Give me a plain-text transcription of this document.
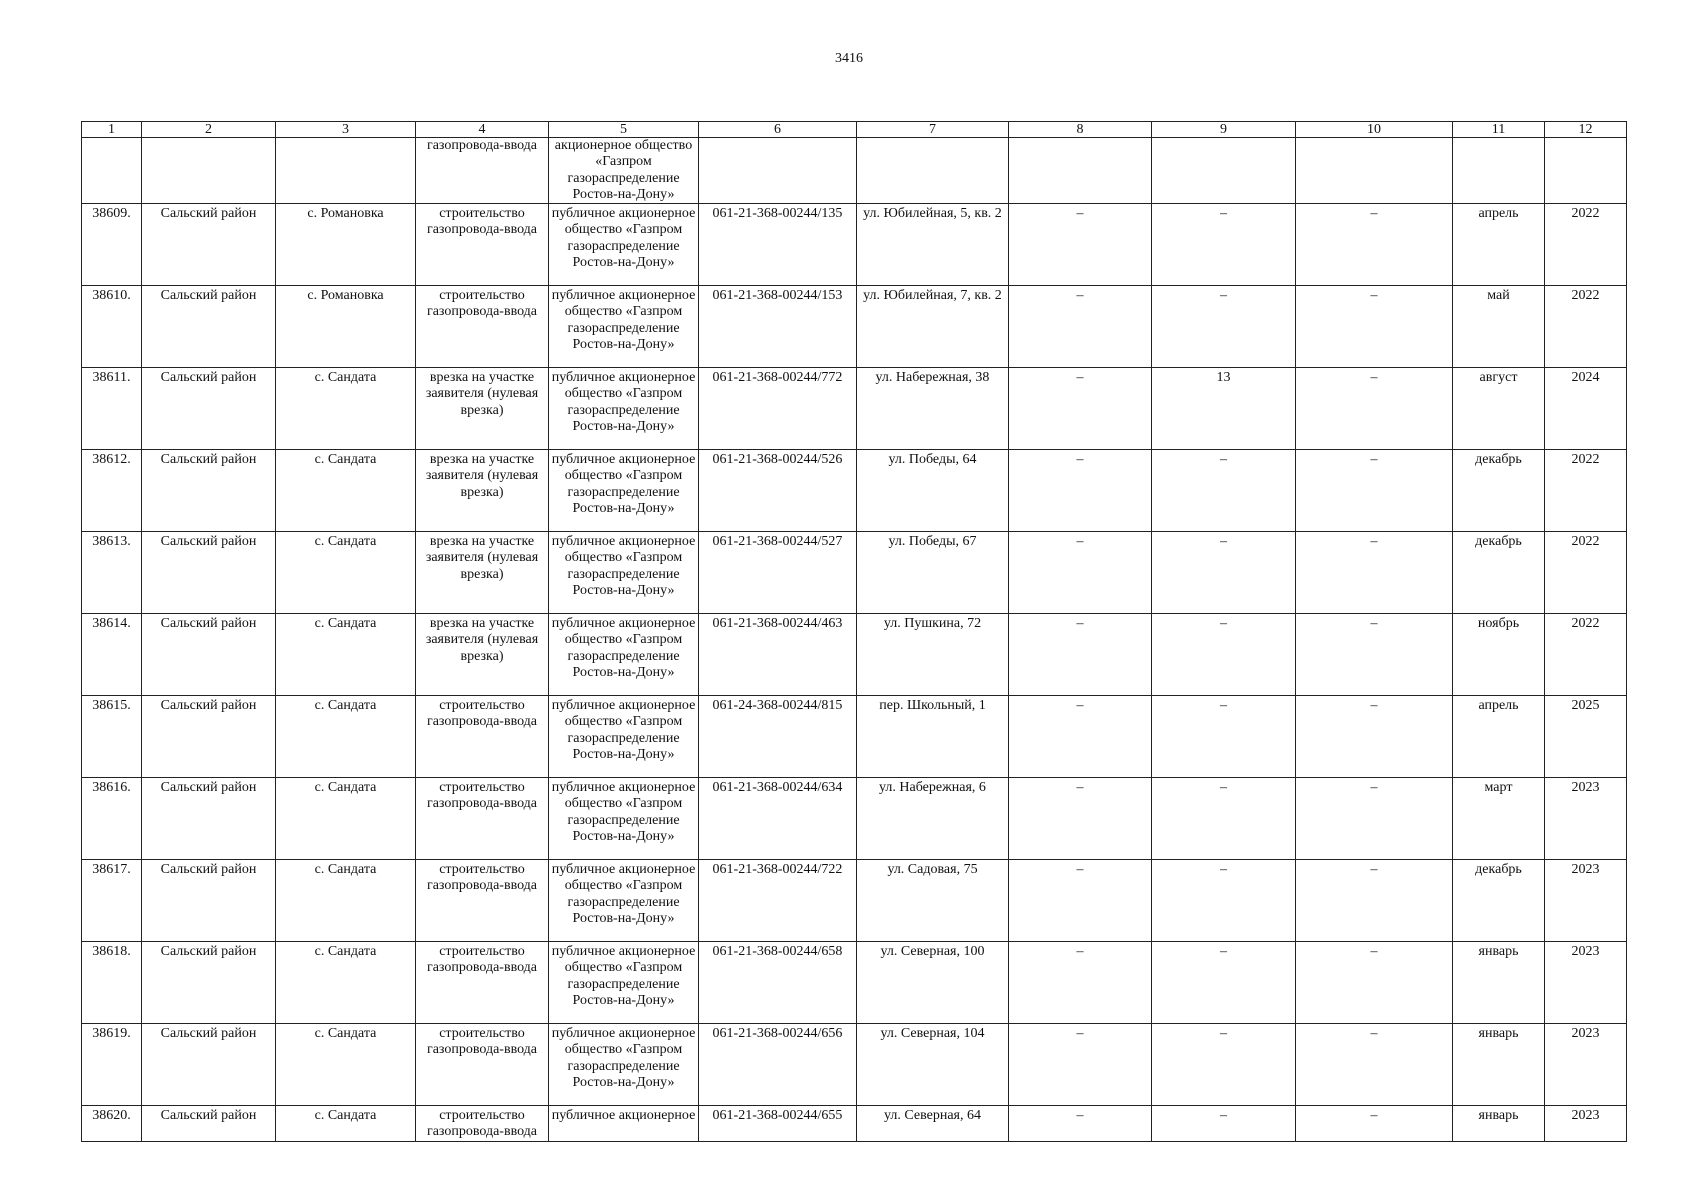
3416
1	2	3	4	5	6	7	8	9	10	11	12
			газопровода-ввода	акционерное общество «Газпром газораспределение Ростов-на-Дону»							
38609.	Сальский район	с. Романовка	строительство газопровода-ввода	публичное акционерное общество «Газпром газораспределение Ростов-на-Дону»	061-21-368-00244/135	ул. Юбилейная, 5, кв. 2	–	–	–	апрель	2022
38610.	Сальский район	с. Романовка	строительство газопровода-ввода	публичное акционерное общество «Газпром газораспределение Ростов-на-Дону»	061-21-368-00244/153	ул. Юбилейная, 7, кв. 2	–	–	–	май	2022
38611.	Сальский район	с. Сандата	врезка на участке заявителя (нулевая врезка)	публичное акционерное общество «Газпром газораспределение Ростов-на-Дону»	061-21-368-00244/772	ул. Набережная, 38	–	13	–	август	2024
38612.	Сальский район	с. Сандата	врезка на участке заявителя (нулевая врезка)	публичное акционерное общество «Газпром газораспределение Ростов-на-Дону»	061-21-368-00244/526	ул. Победы, 64	–	–	–	декабрь	2022
38613.	Сальский район	с. Сандата	врезка на участке заявителя (нулевая врезка)	публичное акционерное общество «Газпром газораспределение Ростов-на-Дону»	061-21-368-00244/527	ул. Победы, 67	–	–	–	декабрь	2022
38614.	Сальский район	с. Сандата	врезка на участке заявителя (нулевая врезка)	публичное акционерное общество «Газпром газораспределение Ростов-на-Дону»	061-21-368-00244/463	ул. Пушкина, 72	–	–	–	ноябрь	2022
38615.	Сальский район	с. Сандата	строительство газопровода-ввода	публичное акционерное общество «Газпром газораспределение Ростов-на-Дону»	061-24-368-00244/815	пер. Школьный, 1	–	–	–	апрель	2025
38616.	Сальский район	с. Сандата	строительство газопровода-ввода	публичное акционерное общество «Газпром газораспределение Ростов-на-Дону»	061-21-368-00244/634	ул. Набережная, 6	–	–	–	март	2023
38617.	Сальский район	с. Сандата	строительство газопровода-ввода	публичное акционерное общество «Газпром газораспределение Ростов-на-Дону»	061-21-368-00244/722	ул. Садовая, 75	–	–	–	декабрь	2023
38618.	Сальский район	с. Сандата	строительство газопровода-ввода	публичное акционерное общество «Газпром газораспределение Ростов-на-Дону»	061-21-368-00244/658	ул. Северная, 100	–	–	–	январь	2023
38619.	Сальский район	с. Сандата	строительство газопровода-ввода	публичное акционерное общество «Газпром газораспределение Ростов-на-Дону»	061-21-368-00244/656	ул. Северная, 104	–	–	–	январь	2023
38620.	Сальский район	с. Сандата	строительство газопровода-ввода	публичное акционерное	061-21-368-00244/655	ул. Северная, 64	–	–	–	январь	2023
